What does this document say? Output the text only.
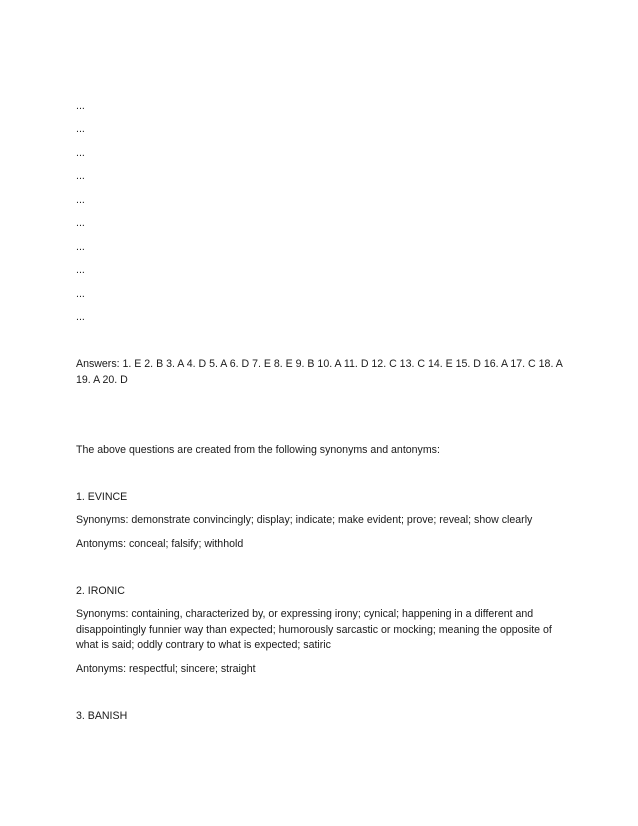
...

...

...

...

...

...

...

...

...

...

Answers: 1. E 2. B 3. A 4. D 5. A 6. D 7. E 8. E 9. B 10. A 11. D 12. C 13. C 14. E 15. D 16. A 17. C 18. A 19. A 20. D

The above questions are created from the following synonyms and antonyms:

1. EVINCE

Synonyms: demonstrate convincingly; display; indicate; make evident; prove; reveal; show clearly

Antonyms: conceal; falsify; withhold

2. IRONIC

Synonyms: containing, characterized by, or expressing irony; cynical; happening in a different and disappointingly funnier way than expected; humorously sarcastic or mocking; meaning the opposite of what is said; oddly contrary to what is expected; satiric

Antonyms: respectful; sincere; straight

3. BANISH
